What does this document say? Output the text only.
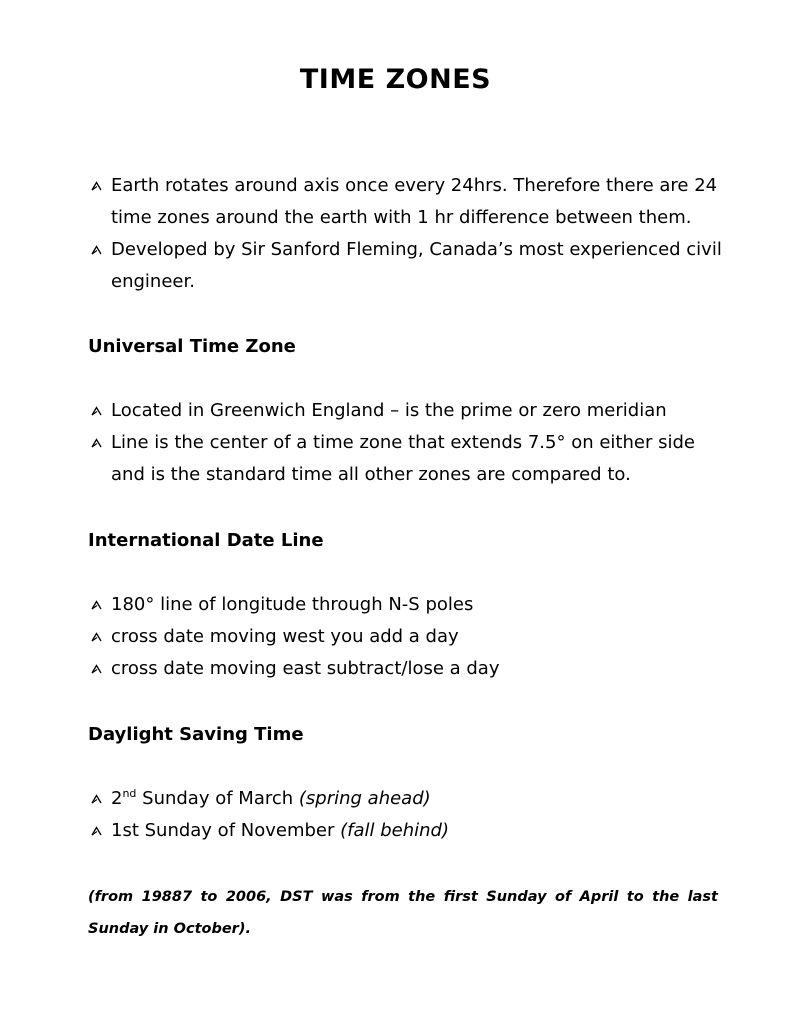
TIME ZONES
Earth rotates around axis once every 24hrs. Therefore there are 24 time zones around the earth with 1 hr difference between them.
Developed by Sir Sanford Fleming, Canada’s most experienced civil engineer.
Universal Time Zone
Located in Greenwich England – is the prime or zero meridian
Line is the center of a time zone that extends 7.5° on either side and is the standard time all other zones are compared to.
International Date Line
180° line of longitude through N-S poles
cross date moving west you add a day
cross date moving east subtract/lose a day
Daylight Saving Time
2nd Sunday of March (spring ahead)
1st Sunday of November (fall behind)
(from 19887 to 2006, DST was from the first Sunday of April to the last Sunday in October).
